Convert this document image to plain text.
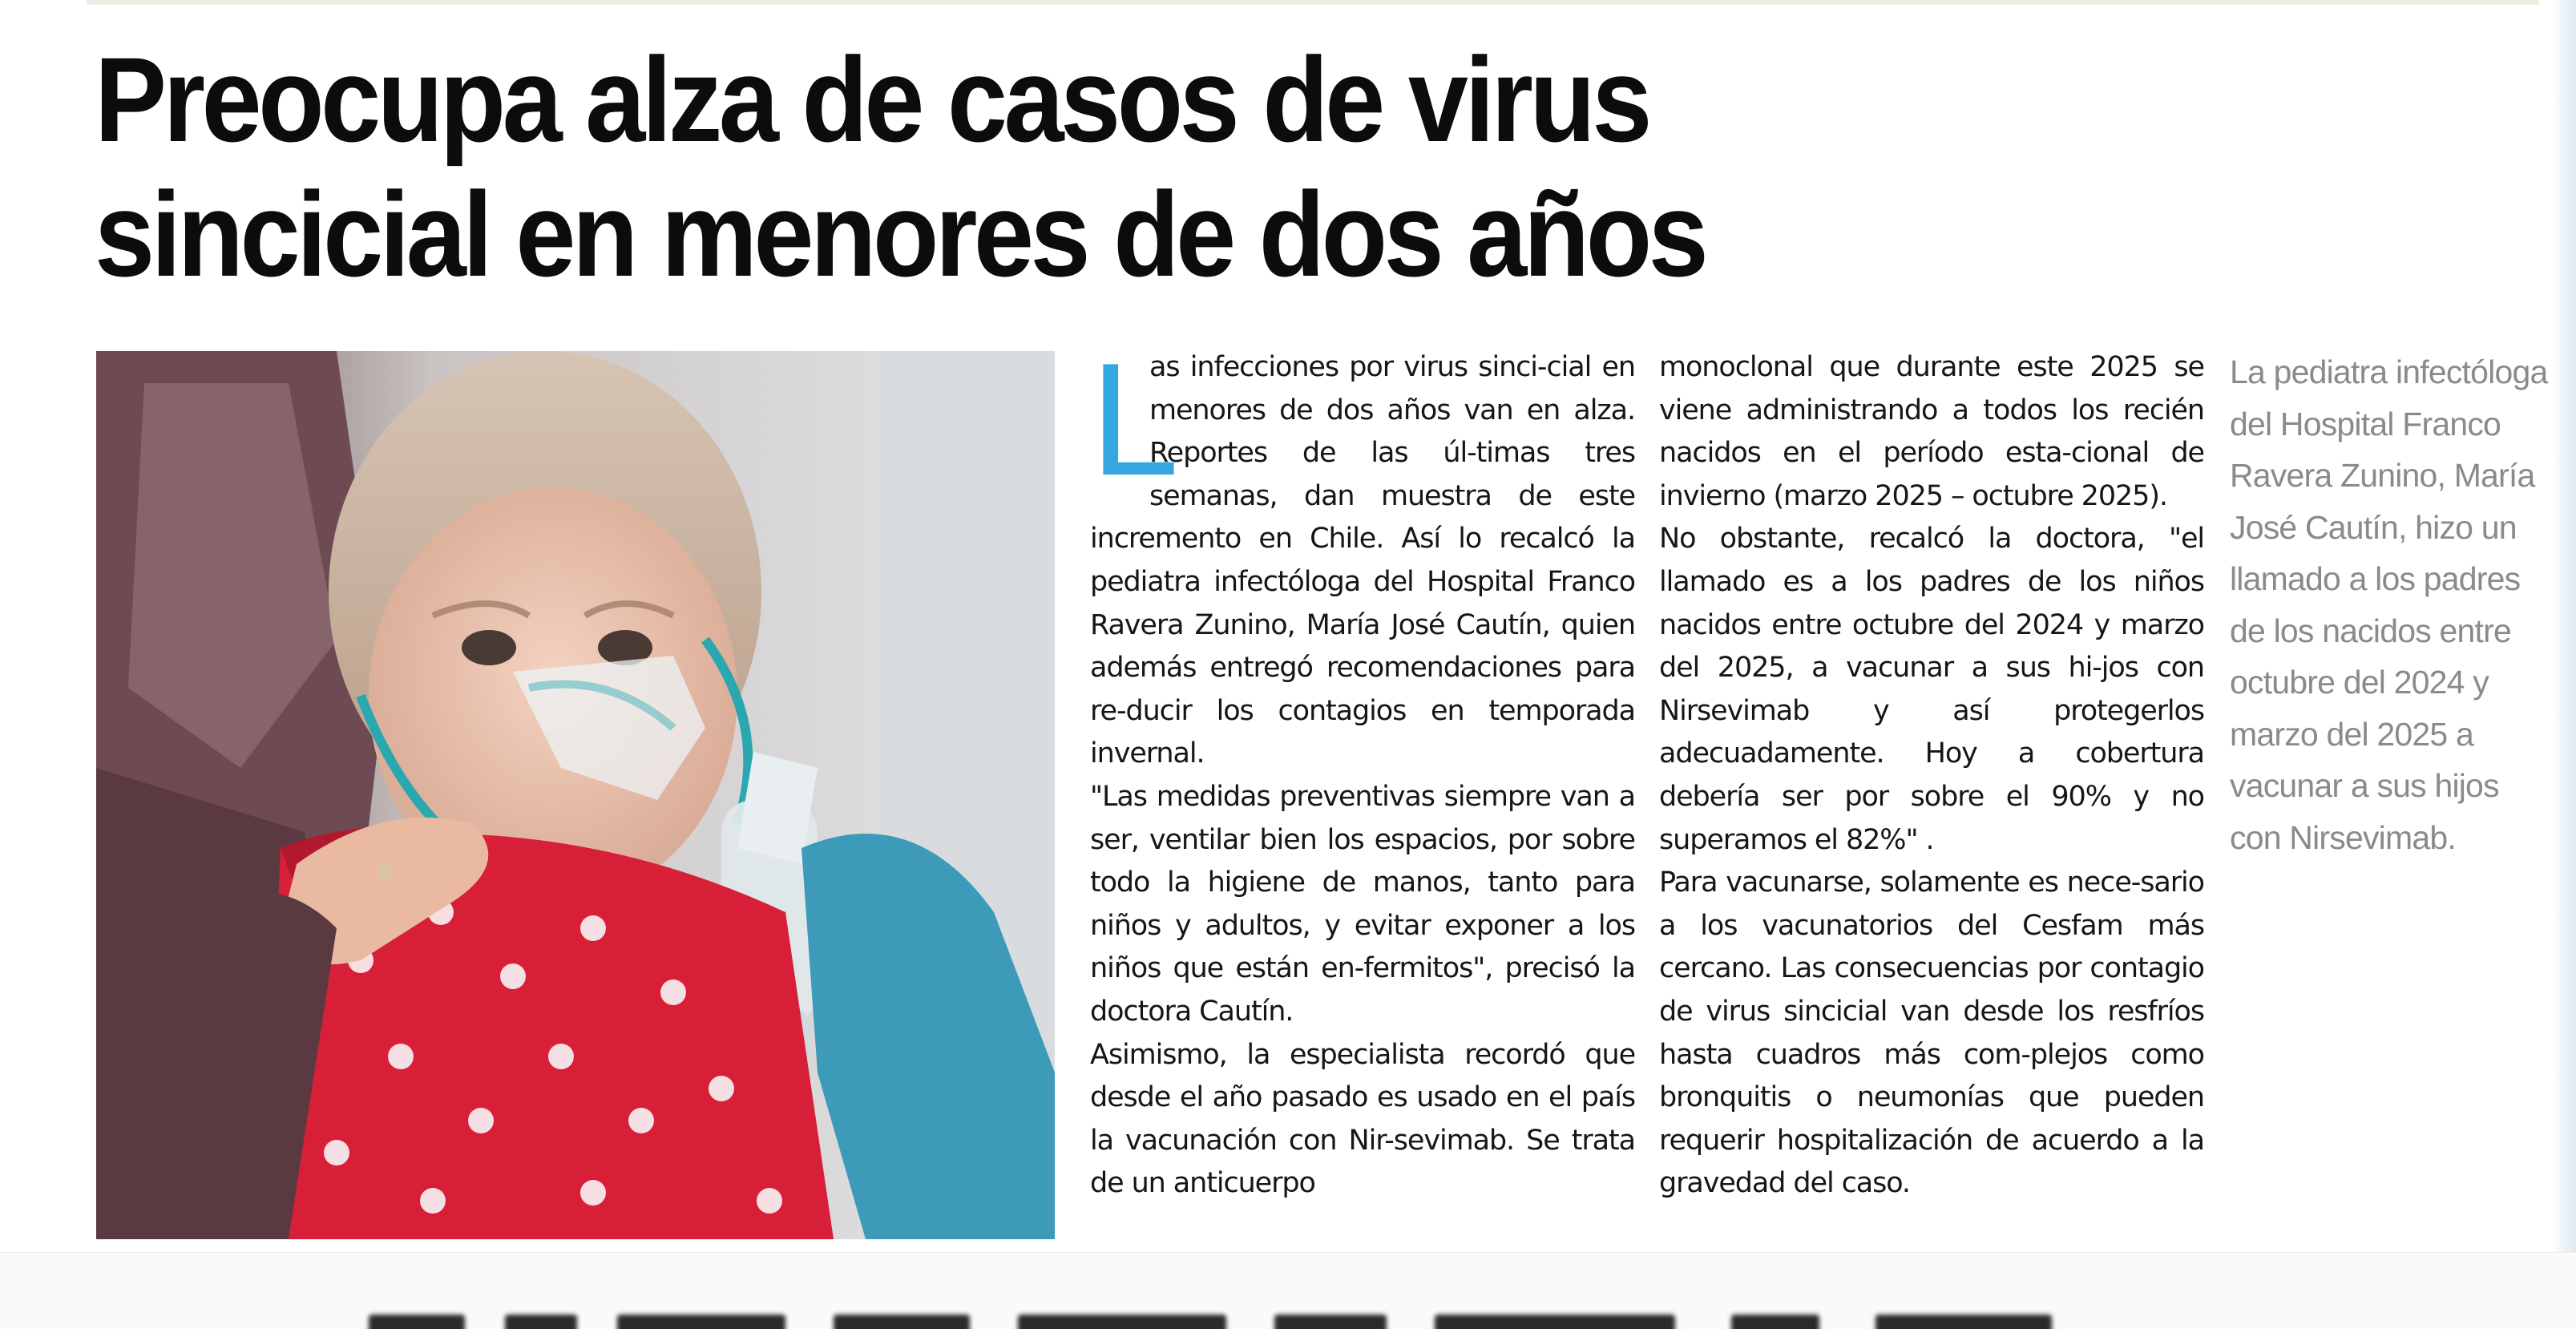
Preocupa alza de casos de virus
sincicial en menores de dos años
L

as infecciones por virus sinci-cial en menores de dos años van en alza. Reportes de las úl-timas tres semanas, dan muestra de este incremento en Chile. Así lo recalcó la pediatra infectóloga del Hospital Franco Ravera Zunino, María José Cautín, quien además entregó recomendaciones para re-ducir los contagios en temporada invernal.

"Las medidas preventivas siempre van a ser, ventilar bien los espacios, por sobre todo la higiene de manos, tanto para niños y adultos, y evitar exponer a los niños que están en-fermitos", precisó la doctora Cautín.

Asimismo, la especialista recordó que desde el año pasado es usado en el país la vacunación con Nir-sevimab. Se trata de un anticuerpo

monoclonal que durante este 2025 se viene administrando a todos los recién nacidos en el período esta-cional de invierno (marzo 2025 – octubre 2025).

No obstante, recalcó la doctora, "el llamado es a los padres de los niños nacidos entre octubre del 2024 y marzo del 2025, a vacunar a sus hi-jos con Nirsevimab y así protegerlos adecuadamente. Hoy a cobertura debería ser por sobre el 90% y no superamos el 82%" .

Para vacunarse, solamente es nece-sario a los vacunatorios del Cesfam más cercano. Las consecuencias por contagio de virus sincicial van desde los resfríos hasta cuadros más com-plejos como bronquitis o neumonías que pueden requerir hospitalización de acuerdo a la gravedad del caso.

La pediatra infectóloga del Hospital Franco Ravera Zunino, María José Cautín, hizo un llamado a los padres de los nacidos entre octubre del 2024 y marzo del 2025 a vacunar a sus hijos con Nirsevimab.
